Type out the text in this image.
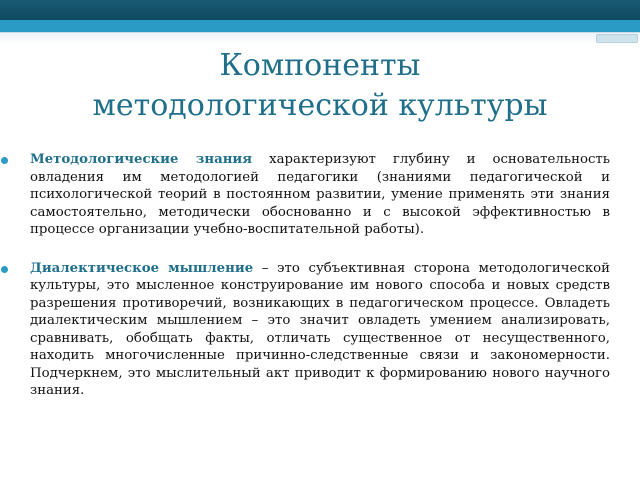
Компоненты
методологической культуры

Методологические знания характеризуют глубину и основательность овладения им методологией педагогики (знаниями педагогической и психологической теорий в постоянном развитии, умение применять эти знания самостоятельно, методически обоснованно и с высокой эффективностью в процессе организации учебно-воспитательной работы).

Диалектическое мышление – это субъективная сторона методологической культуры, это мысленное конструирование им нового способа и новых средств разрешения противоречий, возникающих в педагогическом процессе. Овладеть диалектическим мышлением – это значит овладеть умением анализировать, сравнивать, обобщать факты, отличать существенное от несущественного, находить многочисленные причинно-следственные связи и закономерности. Подчеркнем, это мыслительный акт приводит к формированию нового научного знания.
